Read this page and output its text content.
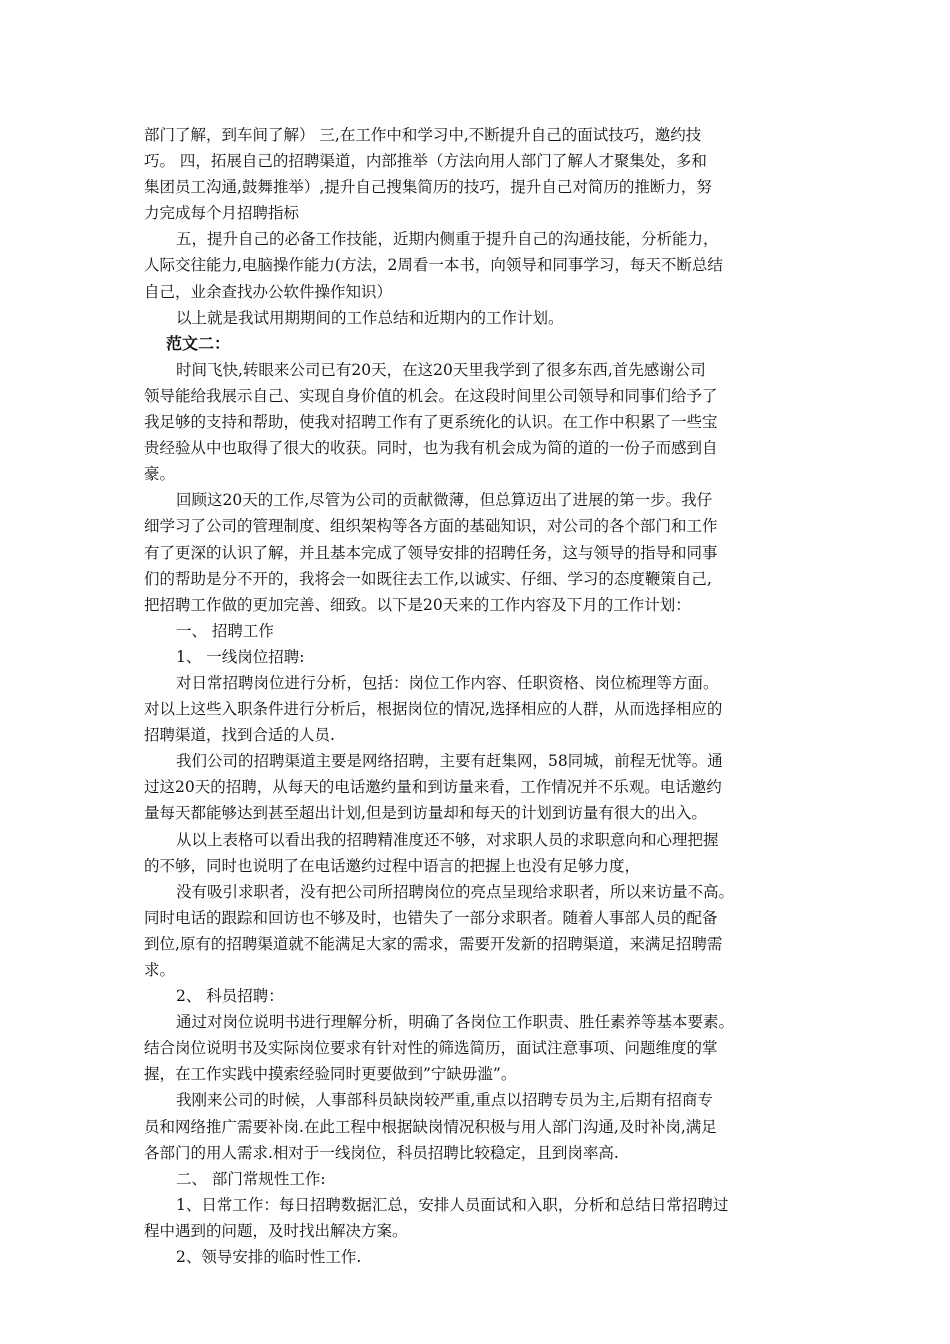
部门了解，到车间了解） 三,在工作中和学习中,不断提升自己的面试技巧，邀约技
巧。 四，拓展自己的招聘渠道，内部推举（方法向用人部门了解人才聚集处，多和
集团员工沟通,鼓舞推举）,提升自己搜集简历的技巧，提升自己对简历的推断力，努
力完成每个月招聘指标
五，提升自己的必备工作技能，近期内侧重于提升自己的沟通技能，分析能力，
人际交往能力,电脑操作能力(方法，2周看一本书，向领导和同事学习，每天不断总结
自己，业余查找办公软件操作知识）
以上就是我试用期期间的工作总结和近期内的工作计划。
范文二：
时间飞快,转眼来公司已有20天，在这20天里我学到了很多东西,首先感谢公司
领导能给我展示自己、实现自身价值的机会。在这段时间里公司领导和同事们给予了
我足够的支持和帮助，使我对招聘工作有了更系统化的认识。在工作中积累了一些宝
贵经验从中也取得了很大的收获。同时，也为我有机会成为简的道的一份子而感到自
豪。
回顾这20天的工作,尽管为公司的贡献微薄，但总算迈出了进展的第一步。我仔
细学习了公司的管理制度、组织架构等各方面的基础知识，对公司的各个部门和工作
有了更深的认识了解，并且基本完成了领导安排的招聘任务，这与领导的指导和同事
们的帮助是分不开的，我将会一如既往去工作,以诚实、仔细、学习的态度鞭策自己,
把招聘工作做的更加完善、细致。以下是20天来的工作内容及下月的工作计划：
一、 招聘工作
1、 一线岗位招聘:
对日常招聘岗位进行分析，包括：岗位工作内容、任职资格、岗位梳理等方面。
对以上这些入职条件进行分析后，根据岗位的情况,选择相应的人群，从而选择相应的
招聘渠道，找到合适的人员.
我们公司的招聘渠道主要是网络招聘，主要有赶集网，58同城，前程无忧等。通
过这20天的招聘，从每天的电话邀约量和到访量来看，工作情况并不乐观。电话邀约
量每天都能够达到甚至超出计划,但是到访量却和每天的计划到访量有很大的出入。
从以上表格可以看出我的招聘精准度还不够，对求职人员的求职意向和心理把握
的不够，同时也说明了在电话邀约过程中语言的把握上也没有足够力度，
没有吸引求职者，没有把公司所招聘岗位的亮点呈现给求职者，所以来访量不高。
同时电话的跟踪和回访也不够及时，也错失了一部分求职者。随着人事部人员的配备
到位,原有的招聘渠道就不能满足大家的需求，需要开发新的招聘渠道，来满足招聘需
求。
2、 科员招聘：
通过对岗位说明书进行理解分析，明确了各岗位工作职责、胜任素养等基本要素。
结合岗位说明书及实际岗位要求有针对性的筛选简历，面试注意事项、问题维度的掌
握，在工作实践中摸索经验同时更要做到”宁缺毋滥”。
我刚来公司的时候，人事部科员缺岗较严重,重点以招聘专员为主,后期有招商专
员和网络推广需要补岗.在此工程中根据缺岗情况积极与用人部门沟通,及时补岗,满足
各部门的用人需求.相对于一线岗位，科员招聘比较稳定，且到岗率高.
二、 部门常规性工作:
1、日常工作：每日招聘数据汇总，安排人员面试和入职，分析和总结日常招聘过
程中遇到的问题，及时找出解决方案。
2、领导安排的临时性工作.
